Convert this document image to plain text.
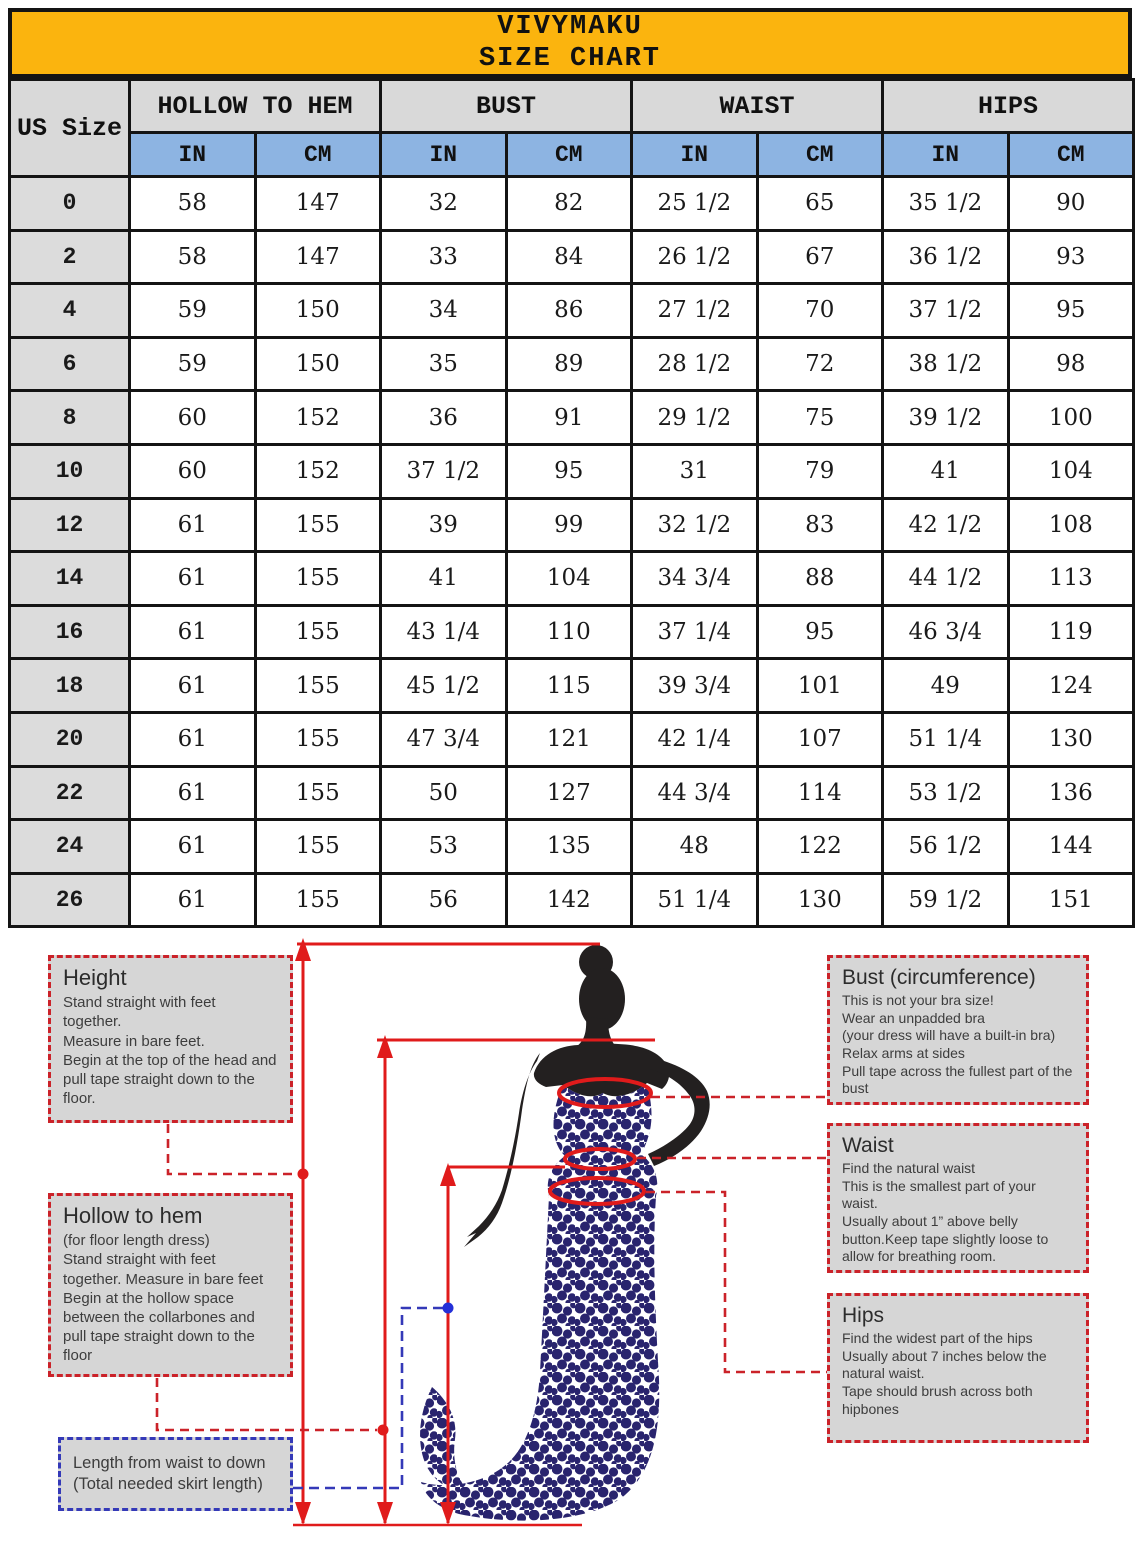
VIVYMAKU
SIZE CHART
US Size	HOLLOW TO HEM		BUST		WAIST		HIPS	
	IN	CM	IN	CM	IN	CM	IN	CM
0	58	147	32	82	25 1/2	65	35 1/2	90
2	58	147	33	84	26 1/2	67	36 1/2	93
4	59	150	34	86	27 1/2	70	37 1/2	95
6	59	150	35	89	28 1/2	72	38 1/2	98
8	60	152	36	91	29 1/2	75	39 1/2	100
10	60	152	37 1/2	95	31	79	41	104
12	61	155	39	99	32 1/2	83	42 1/2	108
14	61	155	41	104	34 3/4	88	44 1/2	113
16	61	155	43 1/4	110	37 1/4	95	46 3/4	119
18	61	155	45 1/2	115	39 3/4	101	49	124
20	61	155	47 3/4	121	42 1/4	107	51 1/4	130
22	61	155	50	127	44 3/4	114	53 1/2	136
24	61	155	53	135	48	122	56 1/2	144
26	61	155	56	142	51 1/4	130	59 1/2	151
Height
Stand straight with feet together.
Measure in bare feet.
Begin at the top of the head and pull tape straight down to the floor.
Hollow to hem
(for floor length dress)
Stand straight with feet together. Measure in bare feet
Begin at the hollow space between the collarbones and pull tape straight down to the floor
Length from waist to down
(Total needed skirt length)
Bust (circumference)
This is not your bra size!
Wear an unpadded bra
(your dress will have a built-in bra)
Relax arms at sides
Pull tape across the fullest part of the bust
Waist
Find the natural waist
This is the smallest part of your waist.
Usually about 1” above belly button.Keep tape slightly loose to allow for breathing room.
Hips
Find the widest part of the hips
Usually about 7 inches below the natural waist.
Tape should brush across both hipbones
